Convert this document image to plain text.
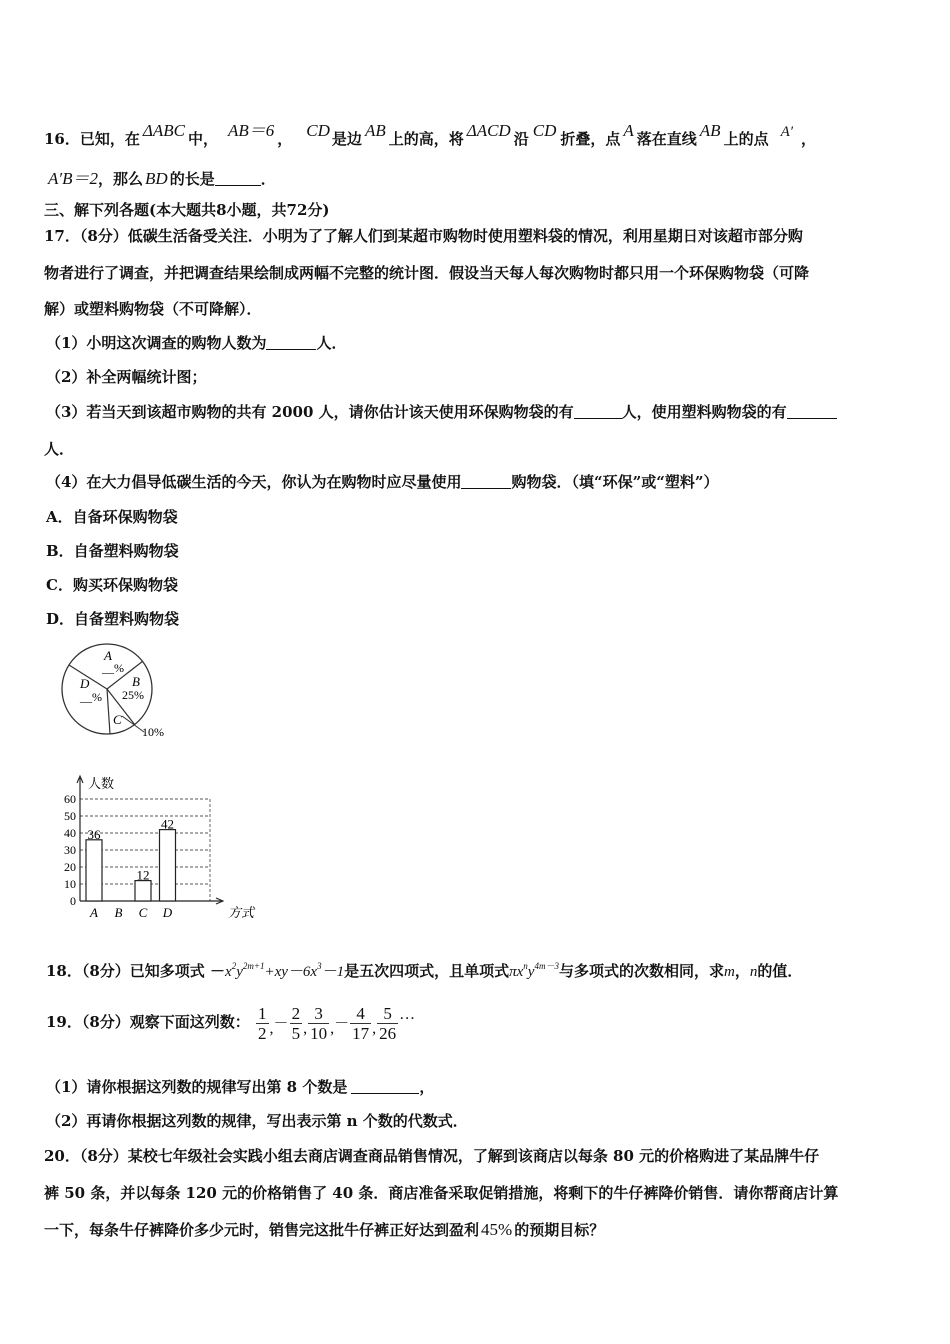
16．已知，在 ΔABC 中， AB＝6 ， CD 是边 AB 上的高，将 ΔACD 沿 CD 折叠，点 A 落在直线 AB 上的点 A′ ，
A′B＝2，那么 BD 的长是	．
三、解下列各题(本大题共8小题，共72分)
17．（8分）低碳生活备受关注．小明为了了解人们到某超市购物时使用塑料袋的情况，利用星期日对该超市部分购
物者进行了调查，并把调查结果绘制成两幅不完整的统计图．假设当天每人每次购物时都只用一个环保购物袋（可降
解）或塑料购物袋（不可降解）．
（1）小明这次调查的购物人数为	人．
（2）补全两幅统计图；
（3）若当天到该超市购物的共有 2000 人，请你估计该天使用环保购物袋的有	人，使用塑料购物袋的有
人．
（4）在大力倡导低碳生活的今天，你认为在购物时应尽量使用	购物袋．（填“环保”或“塑料”）
A．自备环保购物袋
B．自备塑料购物袋
C．购买环保购物袋
D．自备塑料购物袋
A
__%
B
25%
C
10%
D
__%
0
10
20
30
40
50
60
人数
方式
A
36
B C
12
D
42
18．（8分）已知多项式 $-x^2y^{2m+1}+xy-6x^3-1$是五次四项式，且单项式$\pi x^ny^{4m-3}$与多项式的次数相同，求m，n的值．
19．（8分）观察下面这列数： $\frac{1}{2}$ ,－ $\frac{2}{5}$ , $\frac{3}{10}$ ,－ $\frac{4}{17}$ , $\frac{5}{26}$ …
（1）请你根据这列数的规律写出第 8 个数是	，
（2）再请你根据这列数的规律，写出表示第 n 个数的代数式．
20．（8分）某校七年级社会实践小组去商店调查商品销售情况，了解到该商店以每条 80 元的价格购进了某品牌牛仔
裤 50 条，并以每条 120 元的价格销售了 40 条．商店准备采取促销措施，将剩下的牛仔裤降价销售．请你帮商店计算
一下，每条牛仔裤降价多少元时，销售完这批牛仔裤正好达到盈利 45% 的预期目标？
